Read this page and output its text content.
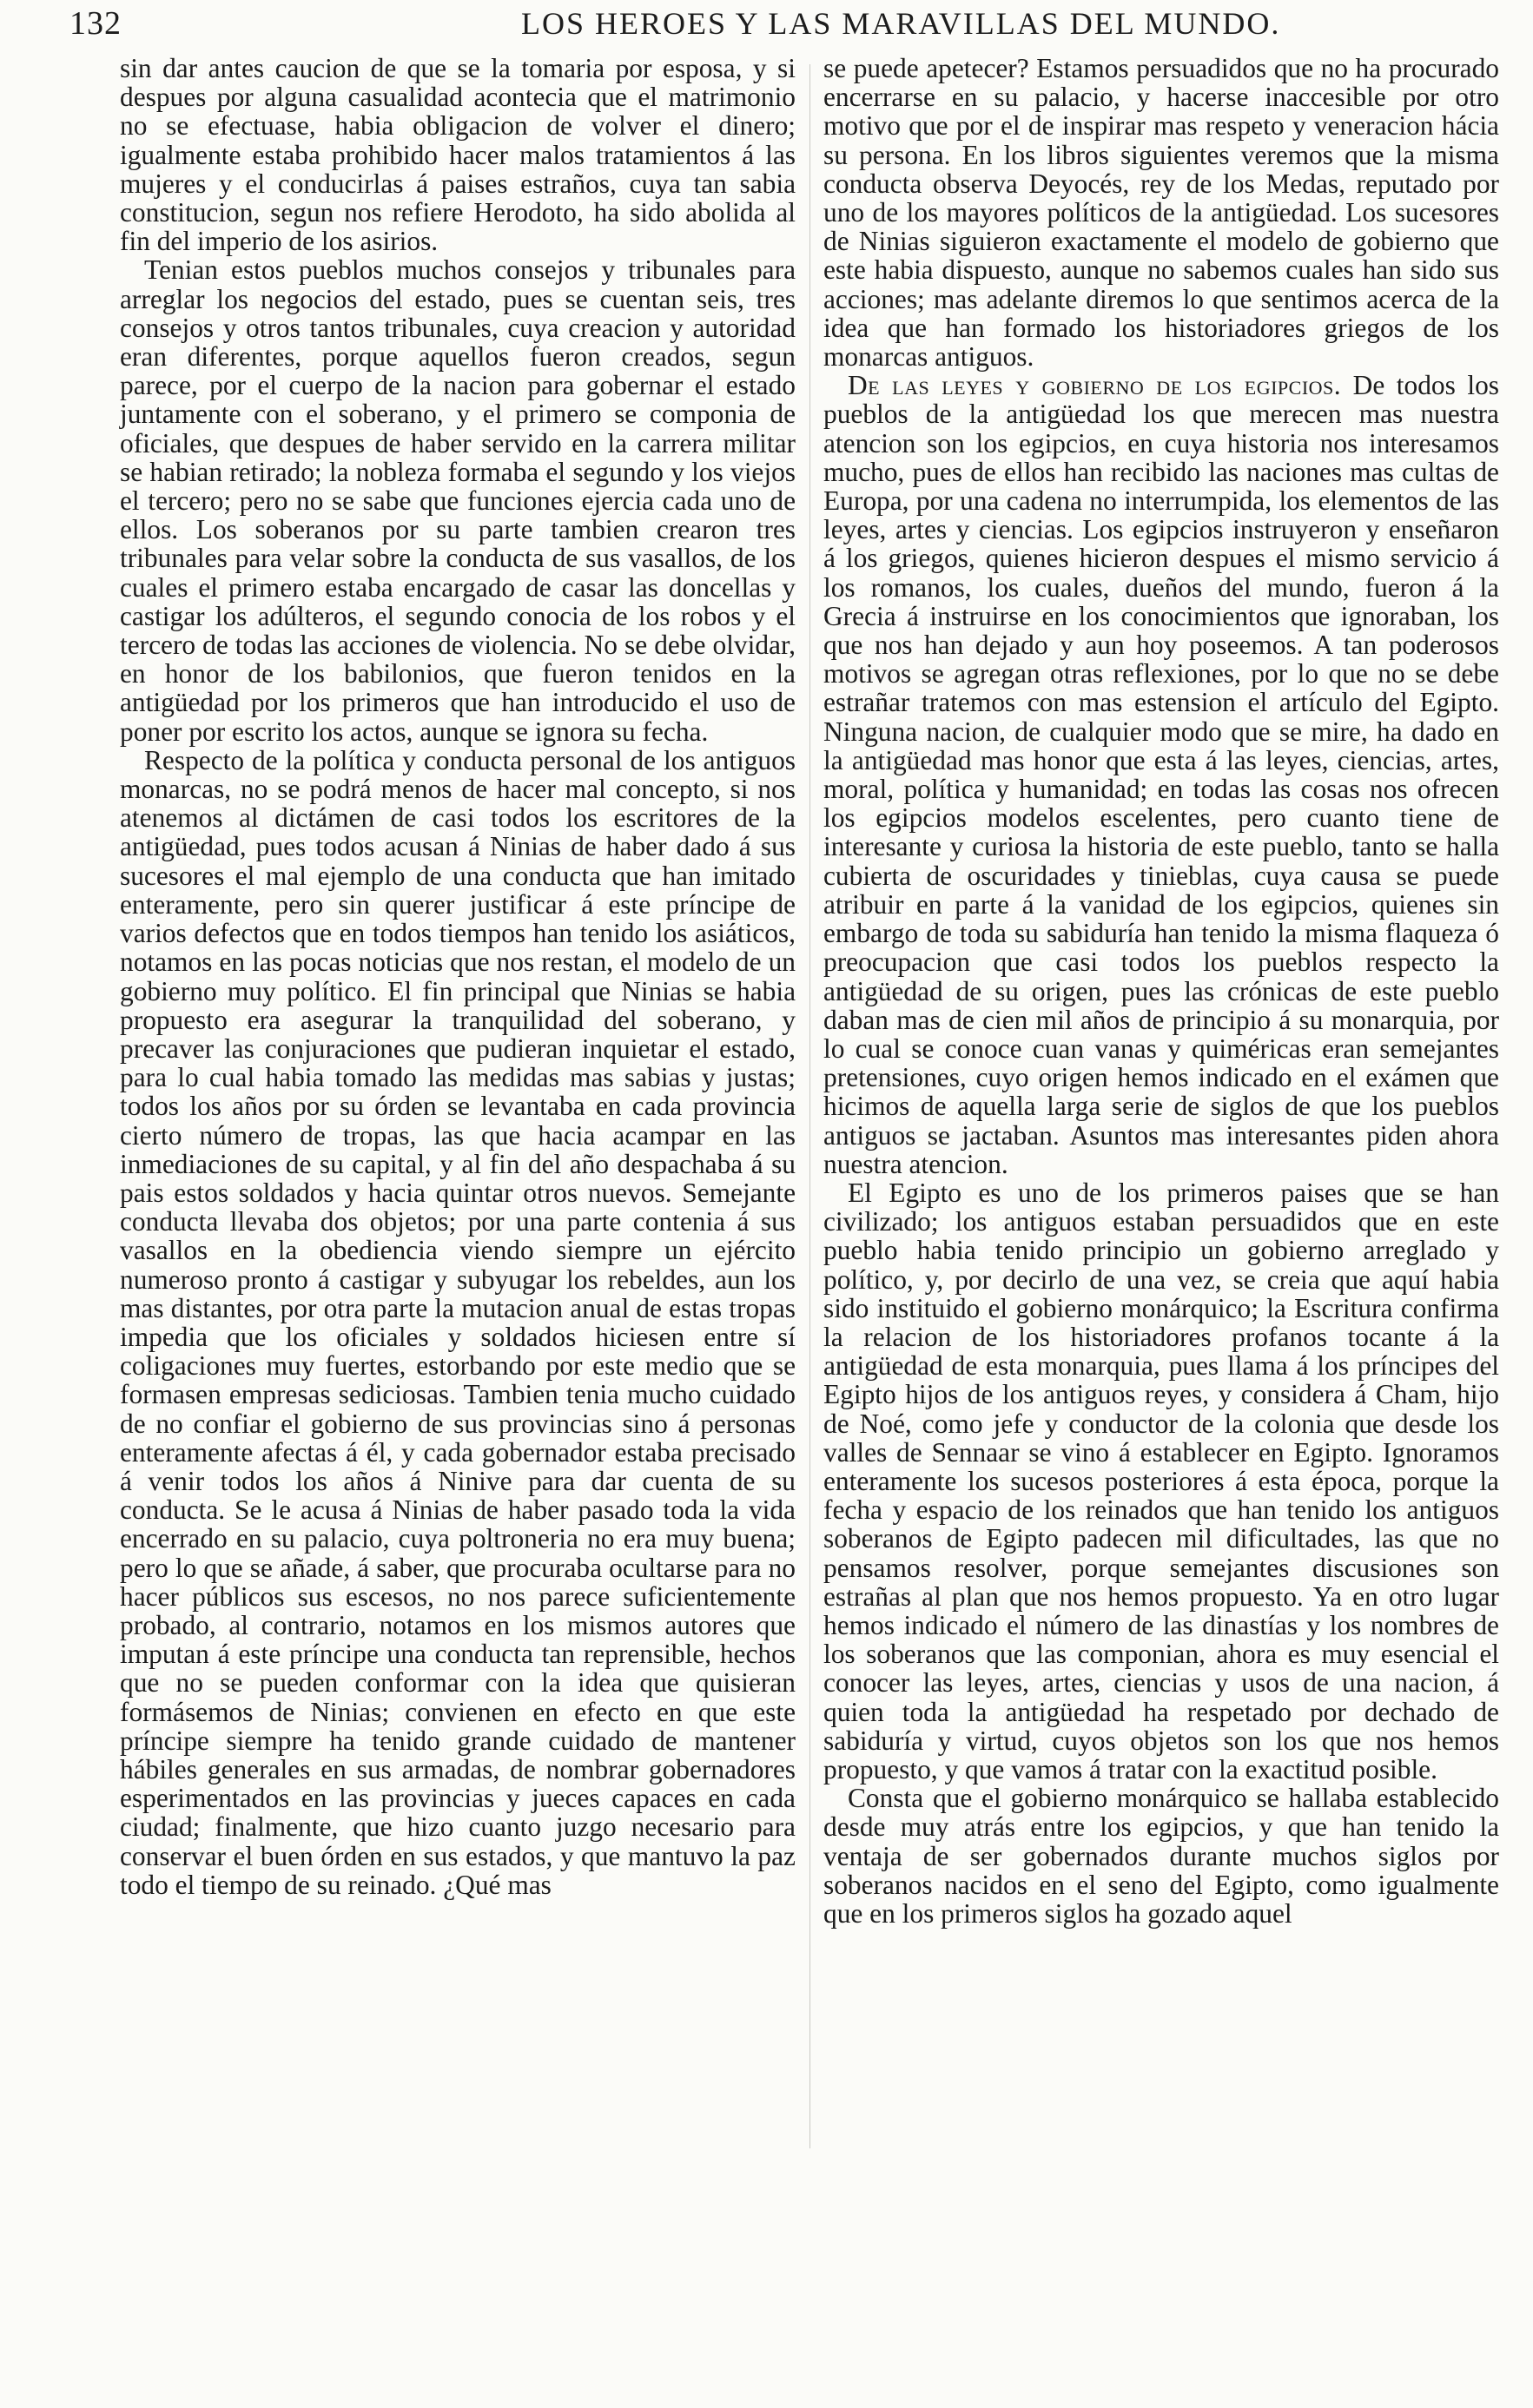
132	LOS HEROES Y LAS MARAVILLAS DEL MUNDO.

sin dar antes caucion de que se la tomaria por esposa, y si despues por alguna casualidad acontecia que el matrimonio no se efectuase, habia obligacion de volver el dinero; igualmente estaba prohibido hacer malos tratamientos á las mujeres y el conducirlas á paises estraños, cuya tan sabia constitucion, segun nos refiere Herodoto, ha sido abolida al fin del imperio de los asirios.

Tenian estos pueblos muchos consejos y tribunales para arreglar los negocios del estado, pues se cuentan seis, tres consejos y otros tantos tribunales, cuya creacion y autoridad eran diferentes, porque aquellos fueron creados, segun parece, por el cuerpo de la nacion para gobernar el estado juntamente con el soberano, y el primero se componia de oficiales, que despues de haber servido en la carrera militar se habian retirado; la nobleza formaba el segundo y los viejos el tercero; pero no se sabe que funciones ejercia cada uno de ellos. Los soberanos por su parte tambien crearon tres tribunales para velar sobre la conducta de sus vasallos, de los cuales el primero estaba encargado de casar las doncellas y castigar los adúlteros, el segundo conocia de los robos y el tercero de todas las acciones de violencia. No se debe olvidar, en honor de los babilonios, que fueron tenidos en la antigüedad por los primeros que han introducido el uso de poner por escrito los actos, aunque se ignora su fecha.

Respecto de la política y conducta personal de los antiguos monarcas, no se podrá menos de hacer mal concepto, si nos atenemos al dictámen de casi todos los escritores de la antigüedad, pues todos acusan á Ninias de haber dado á sus sucesores el mal ejemplo de una conducta que han imitado enteramente, pero sin querer justificar á este príncipe de varios defectos que en todos tiempos han tenido los asiáticos, notamos en las pocas noticias que nos restan, el modelo de un gobierno muy político. El fin principal que Ninias se habia propuesto era asegurar la tranquilidad del soberano, y precaver las conjuraciones que pudieran inquietar el estado, para lo cual habia tomado las medidas mas sabias y justas; todos los años por su órden se levantaba en cada provincia cierto número de tropas, las que hacia acampar en las inmediaciones de su capital, y al fin del año despachaba á su pais estos soldados y hacia quintar otros nuevos. Semejante conducta llevaba dos objetos; por una parte contenia á sus vasallos en la obediencia viendo siempre un ejército numeroso pronto á castigar y subyugar los rebeldes, aun los mas distantes, por otra parte la mutacion anual de estas tropas impedia que los oficiales y soldados hiciesen entre sí coligaciones muy fuertes, estorbando por este medio que se formasen empresas sediciosas. Tambien tenia mucho cuidado de no confiar el gobierno de sus provincias sino á personas enteramente afectas á él, y cada gobernador estaba precisado á venir todos los años á Ninive para dar cuenta de su conducta. Se le acusa á Ninias de haber pasado toda la vida encerrado en su palacio, cuya poltroneria no era muy buena; pero lo que se añade, á saber, que procuraba ocultarse para no hacer públicos sus escesos, no nos parece suficientemente probado, al contrario, notamos en los mismos autores que imputan á este príncipe una conducta tan reprensible, hechos que no se pueden conformar con la idea que quisieran formásemos de Ninias; convienen en efecto en que este príncipe siempre ha tenido grande cuidado de mantener hábiles generales en sus armadas, de nombrar gobernadores esperimentados en las provincias y jueces capaces en cada ciudad; finalmente, que hizo cuanto juzgo necesario para conservar el buen órden en sus estados, y que mantuvo la paz todo el tiempo de su reinado. ¿Qué mas

se puede apetecer? Estamos persuadidos que no ha procurado encerrarse en su palacio, y hacerse inaccesible por otro motivo que por el de inspirar mas respeto y veneracion hácia su persona. En los libros siguientes veremos que la misma conducta observa Deyocés, rey de los Medas, reputado por uno de los mayores políticos de la antigüedad. Los sucesores de Ninias siguieron exactamente el modelo de gobierno que este habia dispuesto, aunque no sabemos cuales han sido sus acciones; mas adelante diremos lo que sentimos acerca de la idea que han formado los historiadores griegos de los monarcas antiguos.

De las leyes y gobierno de los egipcios. De todos los pueblos de la antigüedad los que merecen mas nuestra atencion son los egipcios, en cuya historia nos interesamos mucho, pues de ellos han recibido las naciones mas cultas de Europa, por una cadena no interrumpida, los elementos de las leyes, artes y ciencias. Los egipcios instruyeron y enseñaron á los griegos, quienes hicieron despues el mismo servicio á los romanos, los cuales, dueños del mundo, fueron á la Grecia á instruirse en los conocimientos que ignoraban, los que nos han dejado y aun hoy poseemos. A tan poderosos motivos se agregan otras reflexiones, por lo que no se debe estrañar tratemos con mas estension el artículo del Egipto. Ninguna nacion, de cualquier modo que se mire, ha dado en la antigüedad mas honor que esta á las leyes, ciencias, artes, moral, política y humanidad; en todas las cosas nos ofrecen los egipcios modelos escelentes, pero cuanto tiene de interesante y curiosa la historia de este pueblo, tanto se halla cubierta de oscuridades y tinieblas, cuya causa se puede atribuir en parte á la vanidad de los egipcios, quienes sin embargo de toda su sabiduría han tenido la misma flaqueza ó preocupacion que casi todos los pueblos respecto la antigüedad de su origen, pues las crónicas de este pueblo daban mas de cien mil años de principio á su monarquia, por lo cual se conoce cuan vanas y quiméricas eran semejantes pretensiones, cuyo origen hemos indicado en el exámen que hicimos de aquella larga serie de siglos de que los pueblos antiguos se jactaban. Asuntos mas interesantes piden ahora nuestra atencion.

El Egipto es uno de los primeros paises que se han civilizado; los antiguos estaban persuadidos que en este pueblo habia tenido principio un gobierno arreglado y político, y, por decirlo de una vez, se creia que aquí habia sido instituido el gobierno monárquico; la Escritura confirma la relacion de los historiadores profanos tocante á la antigüedad de esta monarquia, pues llama á los príncipes del Egipto hijos de los antiguos reyes, y considera á Cham, hijo de Noé, como jefe y conductor de la colonia que desde los valles de Sennaar se vino á establecer en Egipto. Ignoramos enteramente los sucesos posteriores á esta época, porque la fecha y espacio de los reinados que han tenido los antiguos soberanos de Egipto padecen mil dificultades, las que no pensamos resolver, porque semejantes discusiones son estrañas al plan que nos hemos propuesto. Ya en otro lugar hemos indicado el número de las dinastías y los nombres de los soberanos que las componian, ahora es muy esencial el conocer las leyes, artes, ciencias y usos de una nacion, á quien toda la antigüedad ha respetado por dechado de sabiduría y virtud, cuyos objetos son los que nos hemos propuesto, y que vamos á tratar con la exactitud posible.

Consta que el gobierno monárquico se hallaba establecido desde muy atrás entre los egipcios, y que han tenido la ventaja de ser gobernados durante muchos siglos por soberanos nacidos en el seno del Egipto, como igualmente que en los primeros siglos ha gozado aquel
